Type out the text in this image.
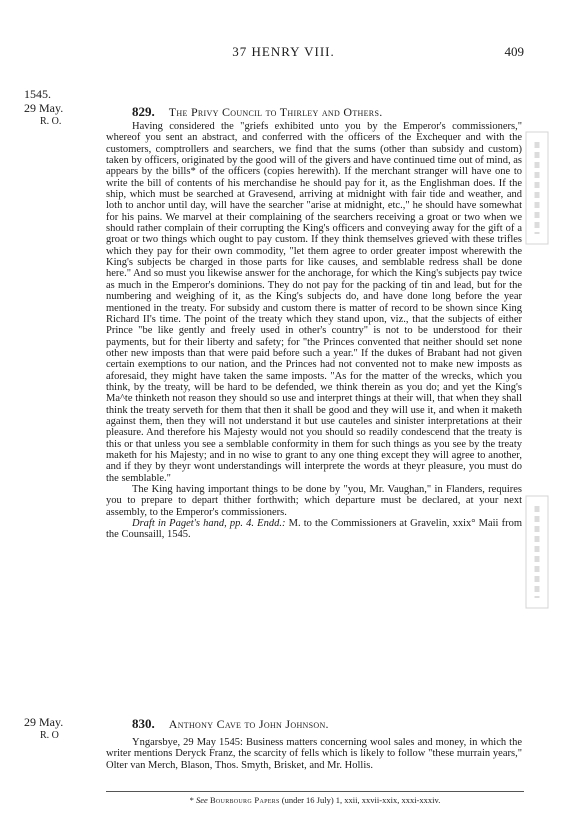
37 HENRY VIII.	409
1545.
29 May.
R. O.
829. The Privy Council to Thirley and Others.

Having considered the "griefs exhibited unto you by the Emperor's commissioners," whereof you sent an abstract, and conferred with the officers of the Exchequer and with the customers, comptrollers and searchers, we find that the sums (other than subsidy and custom) taken by officers, originated by the good will of the givers and have continued time out of mind, as appears by the bills* of the officers (copies herewith). If the merchant stranger will have one to write the bill of contents of his merchandise he should pay for it, as the Englishman does. If the ship, which must be searched at Gravesend, arriving at midnight with fair tide and weather, and loth to anchor until day, will have the searcher "arise at midnight, etc.," he should have somewhat for his pains. We marvel at their complaining of the searchers receiving a groat or two when we should rather complain of their corrupting the King's officers and conveying away for the gift of a groat or two things which ought to pay custom. If they think themselves grieved with these trifles which they pay for their own commodity, "let them agree to order greater impost wherewith the King's subjects be charged in those parts for like causes, and semblable redress shall be done here." And so must you likewise answer for the anchorage, for which the King's subjects pay twice as much in the Emperor's dominions. They do not pay for the packing of tin and lead, but for the numbering and weighing of it, as the King's subjects do, and have done long before the year mentioned in the treaty. For subsidy and custom there is matter of record to be shown since King Richard II's time. The point of the treaty which they stand upon, viz., that the subjects of either Prince "be like gently and freely used in other's country" is not to be understood for their payments, but for their liberty and safety; for "the Princes convented that neither should set none other new imposts than that were paid before such a year." If the dukes of Brabant had not given certain exemptions to our nation, and the Princes had not convented not to make new imposts as aforesaid, they might have taken the same imposts. "As for the matter of the wrecks, which you think, by the treaty, will be hard to be defended, we think therein as you do; and yet the King's Ma^te thinketh not reason they should so use and interpret things at their will, that when they shall think the treaty serveth for them that then it shall be good and they will use it, and when it maketh against them, then they will not understand it but use cauteles and sinister interpretations at their pleasure. And therefore his Majesty would not you should so readily condescend that the treaty is this or that unless you see a semblable conformity in them for such things as you see by the treaty maketh for his Majesty; and in no wise to grant to any one thing except they will agree to another, and if they by theyr wont understandings will interprete the words at theyr pleasure, you must do the semblable."

The King having important things to be done by "you, Mr. Vaughan," in Flanders, requires you to prepare to depart thither forthwith; which departure must be declared, at your next assembly, to the Emperor's commissioners.

Draft in Paget's hand, pp. 4. Endd.: M. to the Commissioners at Gravelin, xxix° Maii from the Counsaill, 1545.

29 May.
R. O
830. Anthony Cave to John Johnson.

Yngarsbye, 29 May 1545: Business matters concerning wool sales and money, in which the writer mentions Deryck Franz, the scarcity of fells which is likely to follow "these murrain years," Olter van Merch, Blason, Thos. Smyth, Brisket, and Mr. Hollis.

* See Bourbourg Papers (under 16 July) 1, xxii, xxvii-xxix, xxxi-xxxiv.
